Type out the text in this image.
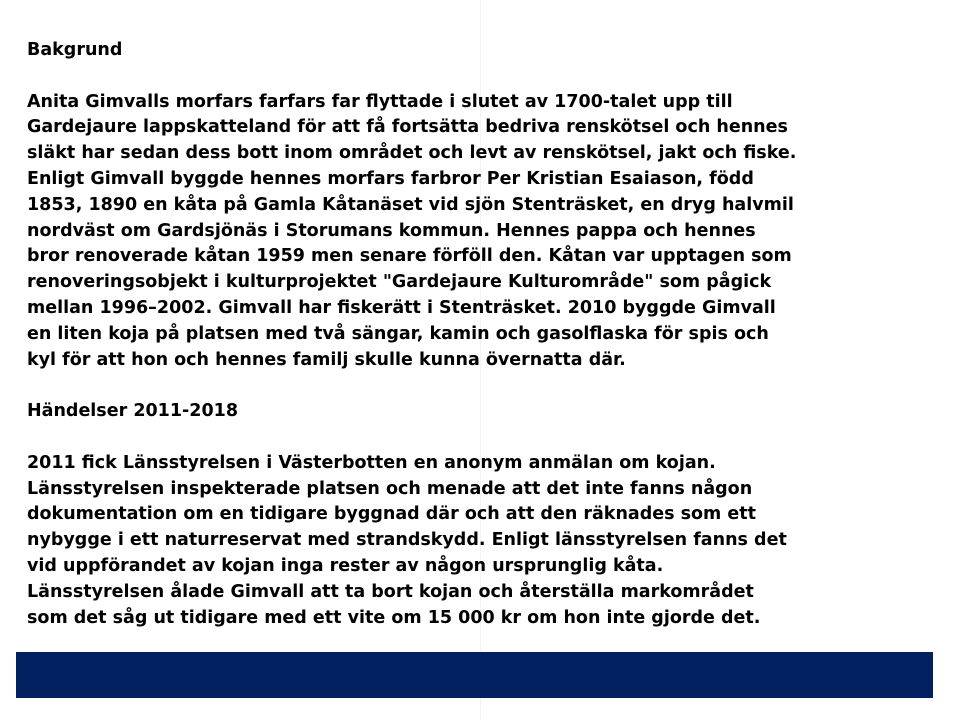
Bakgrund

Anita Gimvalls morfars farfars far flyttade i slutet av 1700-talet upp till
Gardejaure lappskatteland för att få fortsätta bedriva renskötsel och hennes
släkt har sedan dess bott inom området och levt av renskötsel, jakt och fiske.
Enligt Gimvall byggde hennes morfars farbror Per Kristian Esaiason, född
1853, 1890 en kåta på Gamla Kåtanäset vid sjön Stenträsket, en dryg halvmil
nordväst om Gardsjönäs i Storumans kommun. Hennes pappa och hennes
bror renoverade kåtan 1959 men senare förföll den. Kåtan var upptagen som
renoveringsobjekt i kulturprojektet "Gardejaure Kulturområde" som pågick
mellan 1996–2002. Gimvall har fiskerätt i Stenträsket. 2010 byggde Gimvall
en liten koja på platsen med två sängar, kamin och gasolflaska för spis och
kyl för att hon och hennes familj skulle kunna övernatta där.

Händelser 2011-2018

2011 fick Länsstyrelsen i Västerbotten en anonym anmälan om kojan.
Länsstyrelsen inspekterade platsen och menade att det inte fanns någon
dokumentation om en tidigare byggnad där och att den räknades som ett
nybygge i ett naturreservat med strandskydd. Enligt länsstyrelsen fanns det
vid uppförandet av kojan inga rester av någon ursprunglig kåta.
Länsstyrelsen ålade Gimvall att ta bort kojan och återställa markområdet
som det såg ut tidigare med ett vite om 15 000 kr om hon inte gjorde det.
